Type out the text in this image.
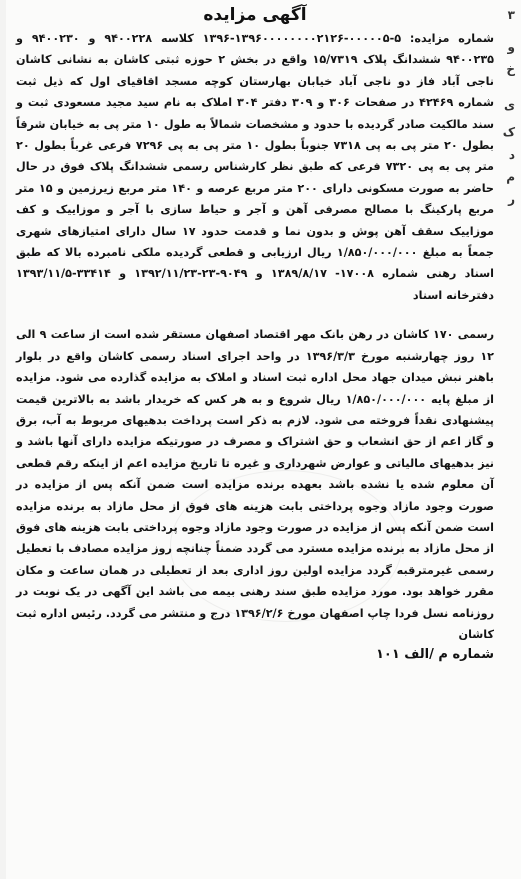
آگهی مزایده

شماره مزایده: ۵-۰۰۰۰۰۵-۱۳۹۶۰۰۰۰۰۰۰۰۲۱۲۶-۱۳۹۶ کلاسه ۹۴۰۰۲۲۸ و ۹۴۰۰۲۳۰ و ۹۴۰۰۲۳۵ ششدانگ پلاک ۱۵/۷۳۱۹ واقع در بخش ۲ حوزه ثبتی کاشان به نشانی کاشان ناجی آباد فاز دو ناجی آباد خیابان بهارستان کوچه مسجد اقاقیای اول که ذیل ثبت شماره ۴۲۴۶۹ در صفحات ۳۰۶ و ۳۰۹ دفتر ۳۰۴ املاک به نام سید مجید مسعودی ثبت و سند مالکیت صادر گردیده با حدود و مشخصات شمالاً به طول ۱۰ متر پی به خیابان شرقاً بطول ۲۰ متر پی به پی ۷۳۱۸ جنوباً بطول ۱۰ متر پی به پی ۷۲۹۶ فرعی غرباً بطول ۲۰ متر پی به پی ۷۳۲۰ فرعی که طبق نظر کارشناس رسمی ششدانگ پلاک فوق در حال حاضر به صورت مسکونی دارای ۲۰۰ متر مربع عرصه و ۱۴۰ متر مربع زیرزمین و ۱۵ متر مربع پارکینگ با مصالح مصرفی آهن و آجر و حیاط سازی با آجر و موزاییک و کف موزاییک سقف آهن پوش و بدون نما و قدمت حدود ۱۷ سال دارای امتیازهای شهری جمعاً به مبلغ ۱/۸۵۰/۰۰۰/۰۰۰ ریال ارزیابی و قطعی گردیده ملکی نامبرده بالا که طبق اسناد رهنی شماره ۱۷۰۰۸- ۱۳۸۹/۸/۱۷ و ۹۰۴۹-۲۳-۱۳۹۲/۱۱/۲۳ و ۳۳۴۱۴-۱۳۹۳/۱۱/۵ دفترخانه اسناد

رسمی ۱۷۰ کاشان در رهن بانک مهر اقتصاد اصفهان مستقر شده است از ساعت ۹ الی ۱۲ روز چهارشنبه مورخ ۱۳۹۶/۳/۳ در واحد اجرای اسناد رسمی کاشان واقع در بلوار باهنر نبش میدان جهاد محل اداره ثبت اسناد و املاک به مزایده گذارده می شود. مزایده از مبلغ پایه ۱/۸۵۰/۰۰۰/۰۰۰ ریال شروع و به هر کس که خریدار باشد به بالاترین قیمت پیشنهادی نقداً فروخته می شود. لازم به ذکر است پرداخت بدهیهای مربوط به آب، برق و گاز اعم از حق انشعاب و حق اشتراک و مصرف در صورتیکه مزایده دارای آنها باشد و نیز بدهیهای مالیاتی و عوارض شهرداری و غیره تا تاریخ مزایده اعم از اینکه رقم قطعی آن معلوم شده یا نشده باشد بعهده برنده مزایده است ضمن آنکه پس از مزایده در صورت وجود مازاد وجوه پرداختی بابت هزینه های فوق از محل مازاد به برنده مزایده است ضمن آنکه پس از مزایده در صورت وجود مازاد وجوه پرداختی بابت هزینه های فوق از محل مازاد به برنده مزایده مسترد می گردد ضمناً چنانچه روز مزایده مصادف با تعطیل رسمی غیرمترقبه گردد مزایده اولین روز اداری بعد از تعطیلی در همان ساعت و مکان مقرر خواهد بود. مورد مزایده طبق سند رهنی بیمه می باشد این آگهی در یک نوبت در روزنامه نسل فردا چاپ اصفهان مورخ ۱۳۹۶/۲/۶ درج و منتشر می گردد. رئیس اداره ثبت کاشان

شماره م /الف ۱۰۱

۳
و
خ
ی
ک
د
م
ر
